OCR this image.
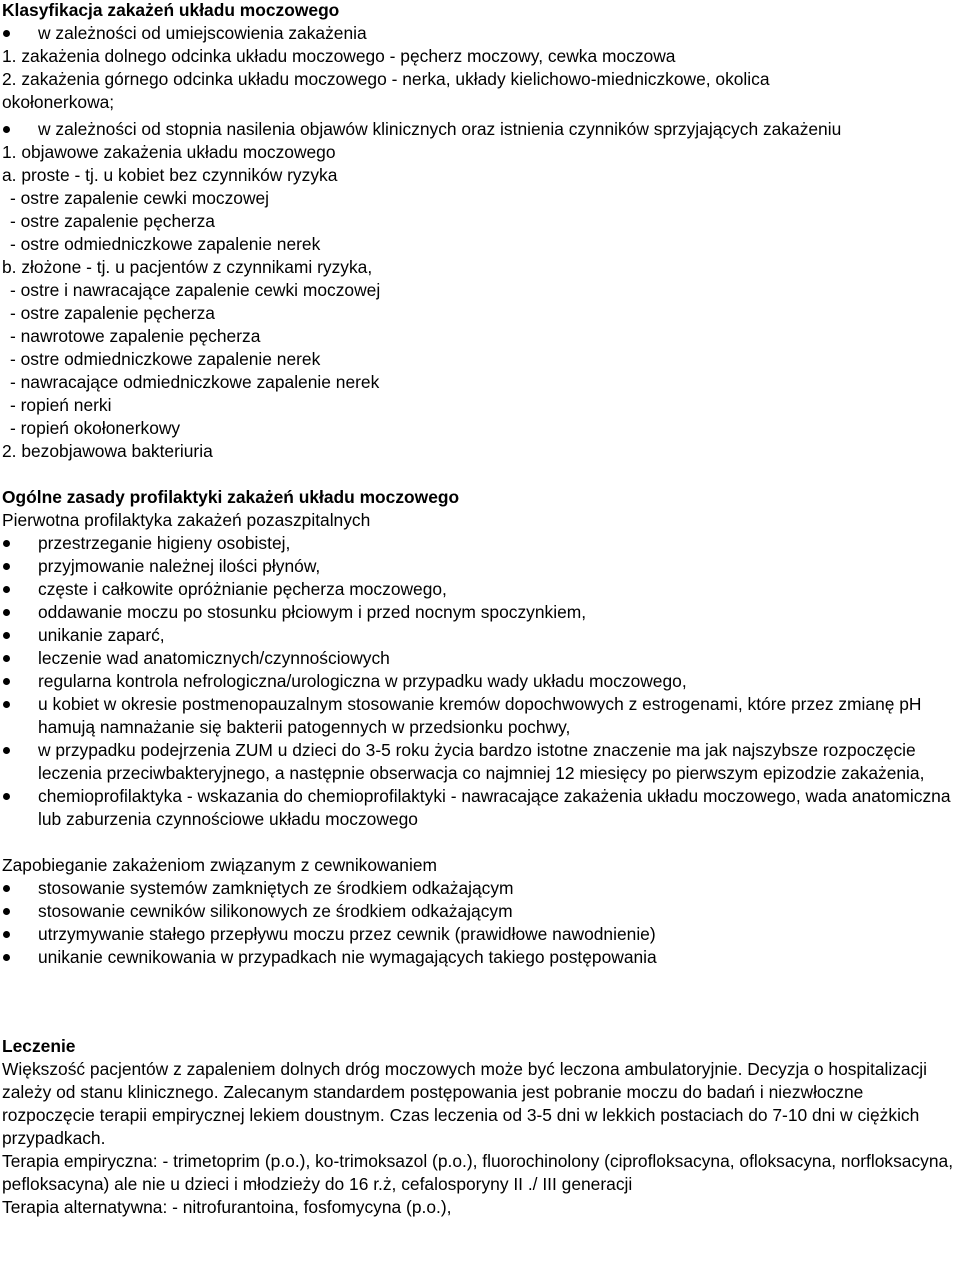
Klasyfikacja zakażeń układu moczowego
w zależności od umiejscowienia zakażenia
1. zakażenia dolnego odcinka układu moczowego - pęcherz moczowy, cewka moczowa
2. zakażenia górnego odcinka układu moczowego - nerka, układy kielichowo-miedniczkowe, okolica
okołonerkowa;
w zależności od stopnia nasilenia objawów klinicznych oraz istnienia czynników sprzyjających zakażeniu
1. objawowe zakażenia układu moczowego
a. proste - tj. u kobiet bez czynników ryzyka
- ostre zapalenie cewki moczowej
- ostre zapalenie pęcherza
- ostre odmiedniczkowe zapalenie nerek
b. złożone - tj. u pacjentów z czynnikami ryzyka,
- ostre i nawracające zapalenie cewki moczowej
- ostre zapalenie pęcherza
- nawrotowe zapalenie pęcherza
- ostre odmiedniczkowe zapalenie nerek
- nawracające odmiedniczkowe zapalenie nerek
- ropień nerki
- ropień okołonerkowy
2. bezobjawowa bakteriuria
Ogólne zasady profilaktyki zakażeń układu moczowego
Pierwotna profilaktyka zakażeń pozaszpitalnych
przestrzeganie higieny osobistej,
przyjmowanie należnej ilości płynów,
częste i całkowite opróżnianie pęcherza moczowego,
oddawanie moczu po stosunku płciowym i przed nocnym spoczynkiem,
unikanie zaparć,
leczenie wad anatomicznych/czynnościowych
regularna kontrola nefrologiczna/urologiczna w przypadku wady układu moczowego,
u kobiet w okresie postmenopauzalnym stosowanie kremów dopochwowych z estrogenami, które przez zmianę pH hamują namnażanie się bakterii patogennych w przedsionku pochwy,
w przypadku podejrzenia ZUM u dzieci do 3-5 roku życia bardzo istotne znaczenie ma jak najszybsze rozpoczęcie leczenia przeciwbakteryjnego, a następnie obserwacja co najmniej 12 miesięcy po pierwszym epizodzie zakażenia,
chemioprofilaktyka - wskazania do chemioprofilaktyki - nawracające zakażenia układu moczowego, wada anatomiczna lub zaburzenia czynnościowe układu moczowego
Zapobieganie zakażeniom związanym z cewnikowaniem
stosowanie systemów zamkniętych ze środkiem odkażającym
stosowanie cewników silikonowych ze środkiem odkażającym
utrzymywanie stałego przepływu moczu przez cewnik (prawidłowe nawodnienie)
unikanie cewnikowania w przypadkach nie wymagających takiego postępowania
Leczenie
Większość pacjentów z zapaleniem dolnych dróg moczowych może być leczona ambulatoryjnie. Decyzja o hospitalizacji zależy od stanu klinicznego. Zalecanym standardem postępowania jest pobranie moczu do badań i niezwłoczne rozpoczęcie terapii empirycznej lekiem doustnym. Czas leczenia od 3-5 dni w lekkich postaciach do 7-10 dni w ciężkich przypadkach.
Terapia empiryczna: - trimetoprim (p.o.), ko-trimoksazol (p.o.), fluorochinolony (ciprofloksacyna, ofloksacyna, norfloksacyna, pefloksacyna) ale nie u dzieci i młodzieży do 16 r.ż, cefalosporyny II ./ III generacji
Terapia alternatywna: - nitrofurantoina, fosfomycyna (p.o.),
